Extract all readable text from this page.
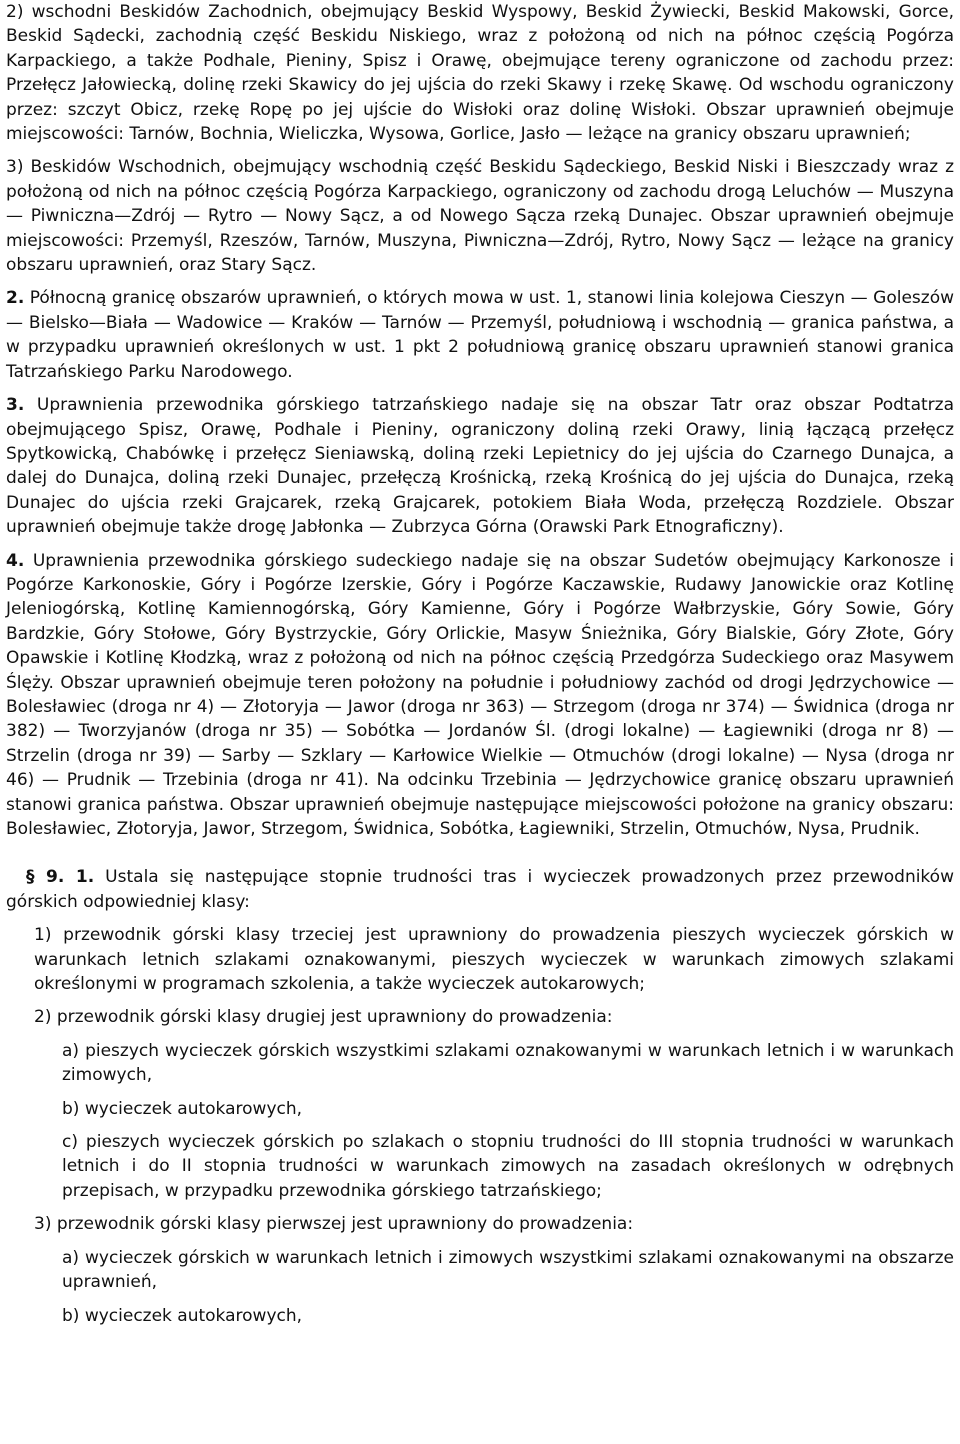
2) wschodni Beskidów Zachodnich, obejmujący Beskid Wyspowy, Beskid Żywiecki, Beskid Makowski, Gorce, Beskid Sądecki, zachodnią część Beskidu Niskiego, wraz z położoną od nich na północ częścią Pogórza Karpackiego, a także Podhale, Pieniny, Spisz i Orawę, obejmujące tereny ograniczone od zachodu przez: Przełęcz Jałowiecką, dolinę rzeki Skawicy do jej ujścia do rzeki Skawy i rzekę Skawę. Od wschodu ograniczony przez: szczyt Obicz, rzekę Ropę po jej ujście do Wisłoki oraz dolinę Wisłoki. Obszar uprawnień obejmuje miejscowości: Tarnów, Bochnia, Wieliczka, Wysowa, Gorlice, Jasło — leżące na granicy obszaru uprawnień;

3) Beskidów Wschodnich, obejmujący wschodnią część Beskidu Sądeckiego, Beskid Niski i Bieszczady wraz z położoną od nich na północ częścią Pogórza Karpackiego, ograniczony od zachodu drogą Leluchów — Muszyna — Piwniczna—Zdrój — Rytro — Nowy Sącz, a od Nowego Sącza rzeką Dunajec. Obszar uprawnień obejmuje miejscowości: Przemyśl, Rzeszów, Tarnów, Muszyna, Piwniczna—Zdrój, Rytro, Nowy Sącz — leżące na granicy obszaru uprawnień, oraz Stary Sącz.

2. Północną granicę obszarów uprawnień, o których mowa w ust. 1, stanowi linia kolejowa Cieszyn — Goleszów — Bielsko—Biała — Wadowice — Kraków — Tarnów — Przemyśl, południową i wschodnią — granica państwa, a w przypadku uprawnień określonych w ust. 1 pkt 2 południową granicę obszaru uprawnień stanowi granica Tatrzańskiego Parku Narodowego.

3. Uprawnienia przewodnika górskiego tatrzańskiego nadaje się na obszar Tatr oraz obszar Podtatrza obejmującego Spisz, Orawę, Podhale i Pieniny, ograniczony doliną rzeki Orawy, linią łączącą przełęcz Spytkowicką, Chabówkę i przełęcz Sieniawską, doliną rzeki Lepietnicy do jej ujścia do Czarnego Dunajca, a dalej do Dunajca, doliną rzeki Dunajec, przełęczą Krośnicką, rzeką Krośnicą do jej ujścia do Dunajca, rzeką Dunajec do ujścia rzeki Grajcarek, rzeką Grajcarek, potokiem Biała Woda, przełęczą Rozdziele. Obszar uprawnień obejmuje także drogę Jabłonka — Zubrzyca Górna (Orawski Park Etnograficzny).

4. Uprawnienia przewodnika górskiego sudeckiego nadaje się na obszar Sudetów obejmujący Karkonosze i Pogórze Karkonoskie, Góry i Pogórze Izerskie, Góry i Pogórze Kaczawskie, Rudawy Janowickie oraz Kotlinę Jeleniogórską, Kotlinę Kamiennogórską, Góry Kamienne, Góry i Pogórze Wałbrzyskie, Góry Sowie, Góry Bardzkie, Góry Stołowe, Góry Bystrzyckie, Góry Orlickie, Masyw Śnieżnika, Góry Bialskie, Góry Złote, Góry Opawskie i Kotlinę Kłodzką, wraz z położoną od nich na północ częścią Przedgórza Sudeckiego oraz Masywem Ślęży. Obszar uprawnień obejmuje teren położony na południe i południowy zachód od drogi Jędrzychowice — Bolesławiec (droga nr 4) — Złotoryja — Jawor (droga nr 363) — Strzegom (droga nr 374) — Świdnica (droga nr 382) — Tworzyjanów (droga nr 35) — Sobótka — Jordanów Śl. (drogi lokalne) — Łagiewniki (droga nr 8) — Strzelin (droga nr 39) — Sarby — Szklary — Karłowice Wielkie — Otmuchów (drogi lokalne) — Nysa (droga nr 46) — Prudnik — Trzebinia (droga nr 41). Na odcinku Trzebinia — Jędrzychowice granicę obszaru uprawnień stanowi granica państwa. Obszar uprawnień obejmuje następujące miejscowości położone na granicy obszaru: Bolesławiec, Złotoryja, Jawor, Strzegom, Świdnica, Sobótka, Łagiewniki, Strzelin, Otmuchów, Nysa, Prudnik.

§ 9. 1. Ustala się następujące stopnie trudności tras i wycieczek prowadzonych przez przewodników górskich odpowiedniej klasy:

1) przewodnik górski klasy trzeciej jest uprawniony do prowadzenia pieszych wycieczek górskich w warunkach letnich szlakami oznakowanymi, pieszych wycieczek w warunkach zimowych szlakami określonymi w programach szkolenia, a także wycieczek autokarowych;

2) przewodnik górski klasy drugiej jest uprawniony do prowadzenia:

a) pieszych wycieczek górskich wszystkimi szlakami oznakowanymi w warunkach letnich i w warunkach zimowych,

b) wycieczek autokarowych,

c) pieszych wycieczek górskich po szlakach o stopniu trudności do III stopnia trudności w warunkach letnich i do II stopnia trudności w warunkach zimowych na zasadach określonych w odrębnych przepisach, w przypadku przewodnika górskiego tatrzańskiego;

3) przewodnik górski klasy pierwszej jest uprawniony do prowadzenia:

a) wycieczek górskich w warunkach letnich i zimowych wszystkimi szlakami oznakowanymi na obszarze uprawnień,

b) wycieczek autokarowych,
